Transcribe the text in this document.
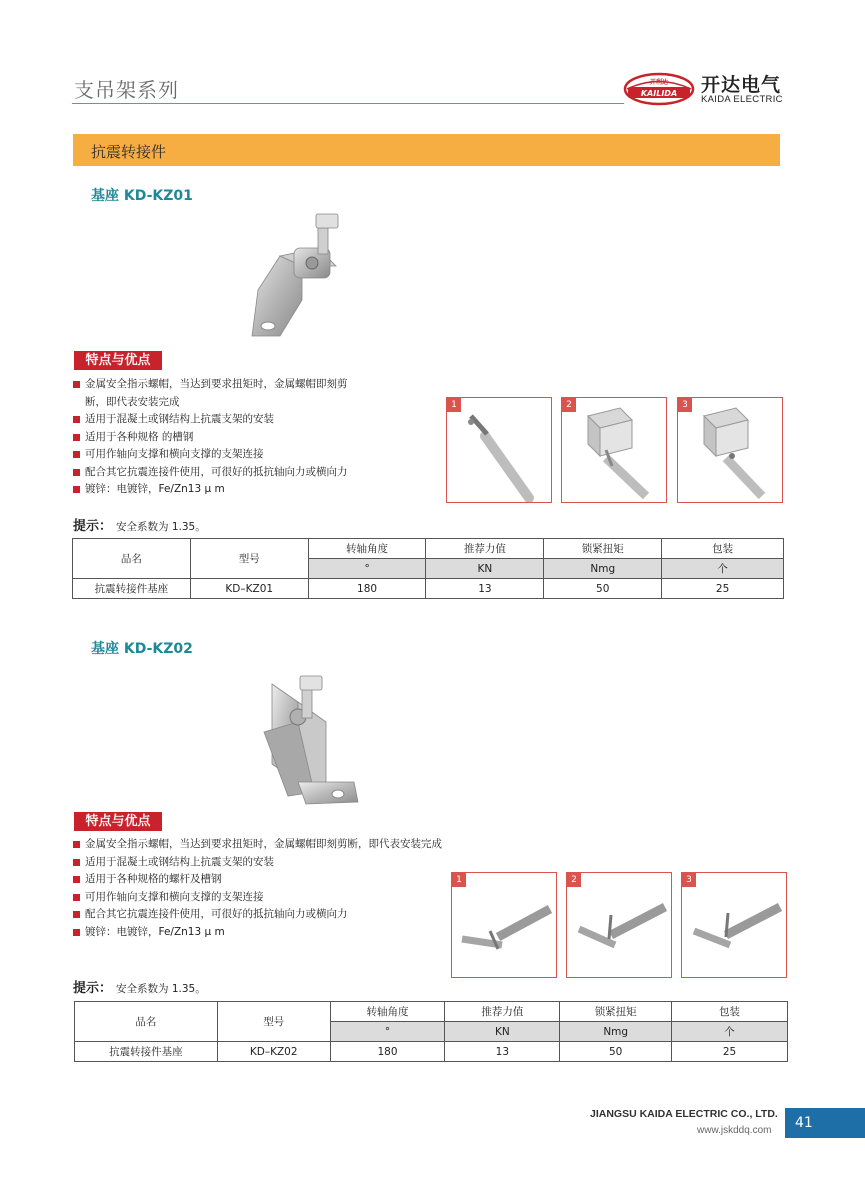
支吊架系列	开利达
KAILIDA 开达电气
KAIDA ELECTRIC
抗震转接件
基座 KD-KZ01
特点与优点
金属安全指示螺帽，当达到要求扭矩时，金属螺帽即刻剪
断，即代表安装完成
适用于混凝土或钢结构上抗震支架的安装
适用于各种规格 的槽钢
可用作轴向支撑和横向支撑的支架连接
配合其它抗震连接件使用，可很好的抵抗轴向力或横向力
镀锌：电镀锌，Fe/Zn13 μ m
1	2	3
提示： 安全系数为 1.35。
品名	型号	转轴角度	推荐力值	锁紧扭矩	包装
		°	KN	Nmg	个
抗震转接件基座	KD–KZ01	180	13	50	25
基座 KD-KZ02
特点与优点
金属安全指示螺帽，当达到要求扭矩时，金属螺帽即刻剪断，即代表安装完成
适用于混凝土或钢结构上抗震支架的安装
适用于各种规格的螺杆及槽钢
可用作轴向支撑和横向支撑的支架连接
配合其它抗震连接件使用，可很好的抵抗轴向力或横向力
镀锌：电镀锌，Fe/Zn13 μ m
1	2	3
提示： 安全系数为 1.35。
品名	型号	转轴角度	推荐力值	锁紧扭矩	包装
		°	KN	Nmg	个
抗震转接件基座	KD–KZ02	180	13	50	25
JIANGSU KAIDA ELECTRIC CO., LTD.
www.jskddq.com	41
